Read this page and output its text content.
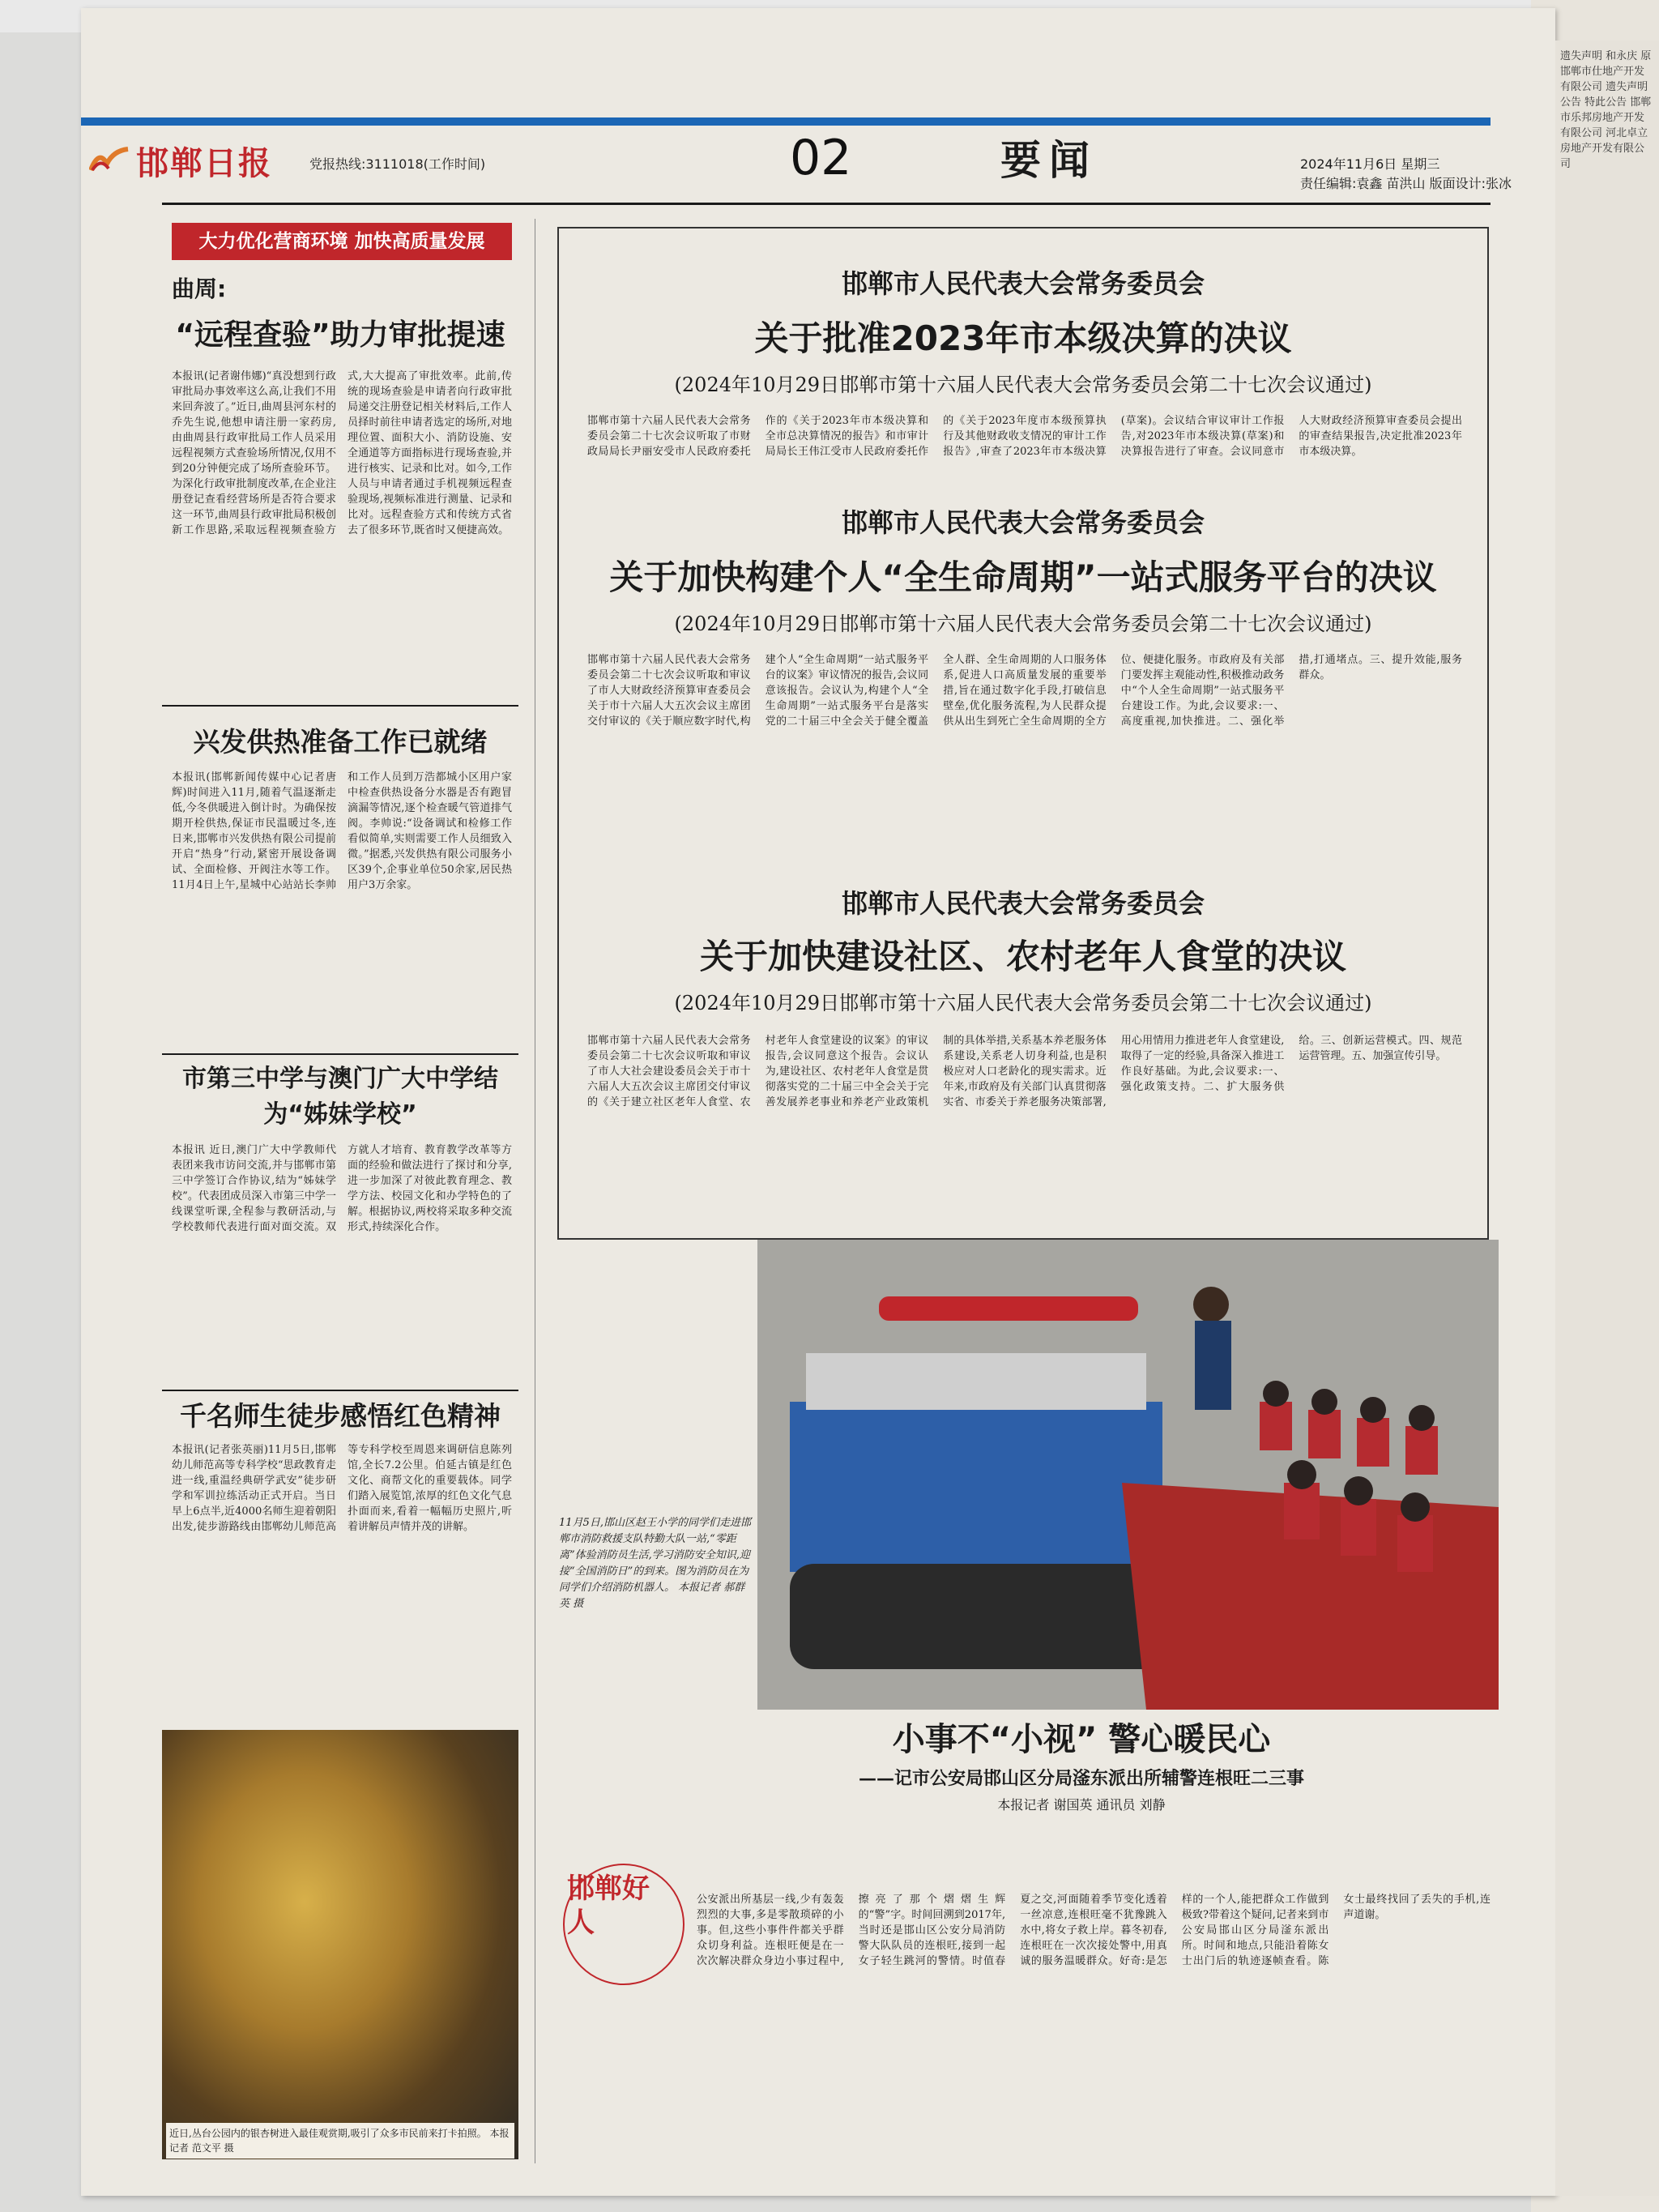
遗失声明 和永庆 原邯郸市仕地产开发有限公司 遗失声明 公告 特此公告 邯郸市乐邦房地产开发有限公司 河北卓立房地产开发有限公司
邯郸日报	党报热线:3111018(工作时间)	02	要闻	2024年11月6日 星期三
责任编辑:袁鑫 苗洪山 版面设计:张冰
大力优化营商环境 加快高质量发展
曲周:
“远程查验”助力审批提速
本报讯(记者谢伟娜)“真没想到行政审批局办事效率这么高,让我们不用来回奔波了。”近日,曲周县河东村的乔先生说,他想申请注册一家药房,由曲周县行政审批局工作人员采用远程视频方式查验场所情况,仅用不到20分钟便完成了场所查验环节。为深化行政审批制度改革,在企业注册登记查看经营场所是否符合要求这一环节,曲周县行政审批局积极创新工作思路,采取远程视频查验方式,大大提高了审批效率。此前,传统的现场查验是申请者向行政审批局递交注册登记相关材料后,工作人员择时前往申请者选定的场所,对地理位置、面积大小、消防设施、安全通道等方面指标进行现场查验,并进行核实、记录和比对。如今,工作人员与申请者通过手机视频远程查验现场,视频标准进行测量、记录和比对。远程查验方式和传统方式省去了很多环节,既省时又便捷高效。
兴发供热准备工作已就绪
本报讯(邯郸新闻传媒中心记者唐辉)时间进入11月,随着气温逐渐走低,今冬供暖进入倒计时。为确保按期开栓供热,保证市民温暖过冬,连日来,邯郸市兴发供热有限公司提前开启“热身”行动,紧密开展设备调试、全面检修、开阀注水等工作。11月4日上午,星城中心站站长李帅和工作人员到万浩都城小区用户家中检查供热设备分水器是否有跑冒滴漏等情况,逐个检查暖气管道排气阀。李帅说:“设备调试和检修工作看似简单,实则需要工作人员细致入微。”据悉,兴发供热有限公司服务小区39个,企事业单位50余家,居民热用户3万余家。
市第三中学与澳门广大中学结为“姊妹学校”
本报讯 近日,澳门广大中学教师代表团来我市访问交流,并与邯郸市第三中学签订合作协议,结为“姊妹学校”。代表团成员深入市第三中学一线课堂听课,全程参与教研活动,与学校教师代表进行面对面交流。双方就人才培育、教育教学改革等方面的经验和做法进行了探讨和分享,进一步加深了对彼此教育理念、教学方法、校园文化和办学特色的了解。根据协议,两校将采取多种交流形式,持续深化合作。
千名师生徒步感悟红色精神
本报讯(记者张英丽)11月5日,邯郸幼儿师范高等专科学校“思政教育走进一线,重温经典研学武安”徒步研学和军训拉练活动正式开启。当日早上6点半,近4000名师生迎着朝阳出发,徒步游路线由邯郸幼儿师范高等专科学校至周恩来调研信息陈列馆,全长7.2公里。伯延古镇是红色文化、商帮文化的重要载体。同学们踏入展览馆,浓厚的红色文化气息扑面而来,看着一幅幅历史照片,听着讲解员声情并茂的讲解。
近日,丛台公园内的银杏树进入最佳观赏期,吸引了众多市民前来打卡拍照。 本报记者 范文平 摄
邯郸市人民代表大会常务委员会
关于批准2023年市本级决算的决议
(2024年10月29日邯郸市第十六届人民代表大会常务委员会第二十七次会议通过)
邯郸市第十六届人民代表大会常务委员会第二十七次会议听取了市财政局局长尹丽安受市人民政府委托作的《关于2023年市本级决算和全市总决算情况的报告》和市审计局局长王伟江受市人民政府委托作的《关于2023年度市本级预算执行及其他财政收支情况的审计工作报告》,审查了2023年市本级决算(草案)。会议结合审议审计工作报告,对2023年市本级决算(草案)和决算报告进行了审查。会议同意市人大财政经济预算审查委员会提出的审查结果报告,决定批准2023年市本级决算。
邯郸市人民代表大会常务委员会
关于加快构建个人“全生命周期”一站式服务平台的决议
(2024年10月29日邯郸市第十六届人民代表大会常务委员会第二十七次会议通过)
邯郸市第十六届人民代表大会常务委员会第二十七次会议听取和审议了市人大财政经济预算审查委员会关于市十六届人大五次会议主席团交付审议的《关于顺应数字时代,构建个人“全生命周期”一站式服务平台的议案》审议情况的报告,会议同意该报告。会议认为,构建个人“全生命周期”一站式服务平台是落实党的二十届三中全会关于健全覆盖全人群、全生命周期的人口服务体系,促进人口高质量发展的重要举措,旨在通过数字化手段,打破信息壁垒,优化服务流程,为人民群众提供从出生到死亡全生命周期的全方位、便捷化服务。市政府及有关部门要发挥主观能动性,积极推动政务中“个人全生命周期”一站式服务平台建设工作。为此,会议要求:一、高度重视,加快推进。二、强化举措,打通堵点。三、提升效能,服务群众。
邯郸市人民代表大会常务委员会
关于加快建设社区、农村老年人食堂的决议
(2024年10月29日邯郸市第十六届人民代表大会常务委员会第二十七次会议通过)
邯郸市第十六届人民代表大会常务委员会第二十七次会议听取和审议了市人大社会建设委员会关于市十六届人大五次会议主席团交付审议的《关于建立社区老年人食堂、农村老年人食堂建设的议案》的审议报告,会议同意这个报告。会议认为,建设社区、农村老年人食堂是贯彻落实党的二十届三中全会关于完善发展养老事业和养老产业政策机制的具体举措,关系基本养老服务体系建设,关系老人切身利益,也是积极应对人口老龄化的现实需求。近年来,市政府及有关部门认真贯彻落实省、市委关于养老服务决策部署,用心用情用力推进老年人食堂建设,取得了一定的经验,具备深入推进工作良好基础。为此,会议要求:一、强化政策支持。二、扩大服务供给。三、创新运营模式。四、规范运营管理。五、加强宣传引导。
11月5日,邯山区赵王小学的同学们走进邯郸市消防救援支队特勤大队一站,“零距离”体验消防员生活,学习消防安全知识,迎接“全国消防日”的到来。图为消防员在为同学们介绍消防机器人。 本报记者 郝群英 摄
小事不“小视” 警心暖民心
——记市公安局邯山区分局滏东派出所辅警连根旺二三事
本报记者 谢国英 通讯员 刘静
邯郸好人
公安派出所基层一线,少有轰轰烈烈的大事,多是零散琐碎的小事。但,这些小事件件都关乎群众切身利益。连根旺便是在一次次解决群众身边小事过程中,擦亮了那个熠熠生辉的“警”字。时间回溯到2017年,当时还是邯山区公安分局消防警大队队员的连根旺,接到一起女子轻生跳河的警情。时值春夏之交,河面随着季节变化透着一丝凉意,连根旺毫不犹豫跳入水中,将女子救上岸。暮冬初春,连根旺在一次次接处警中,用真诚的服务温暖群众。好奇:是怎样的一个人,能把群众工作做到极致?带着这个疑问,记者来到市公安局邯山区分局滏东派出所。时间和地点,只能沿着陈女士出门后的轨迹逐帧查看。陈女士最终找回了丢失的手机,连声道谢。
